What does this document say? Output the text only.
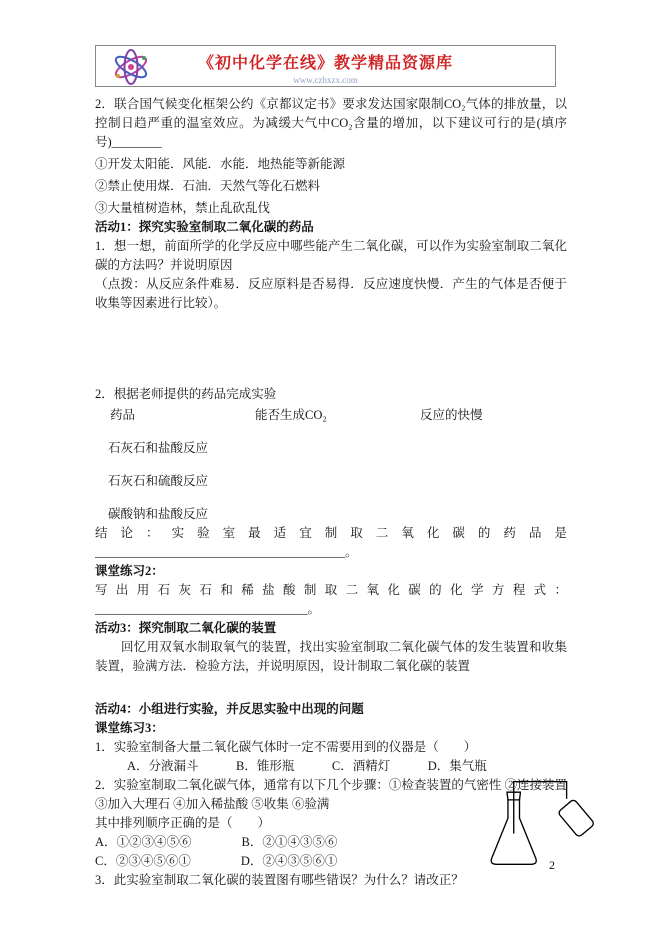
《初中化学在线》教学精品资源库
www.czhxzx.com

2．联合国气候变化框架公约《京都议定书》要求发达国家限制CO₂气体的排放量，以控制日趋严重的温室效应。为减缓大气中CO₂含量的增加，以下建议可行的是(填序号)________

①开发太阳能．风能．水能．地热能等新能源

②禁止使用煤．石油．天然气等化石燃料

③大量植树造林，禁止乱砍乱伐

活动1：探究实验室制取二氧化碳的药品

1．想一想，前面所学的化学反应中哪些能产生二氧化碳，可以作为实验室制取二氧化碳的方法吗？并说明原因

（点拨：从反应条件难易．反应原料是否易得．反应速度快慢．产生的气体是否便于收集等因素进行比较）。

2．根据老师提供的药品完成实验

药品	能否生成CO₂	反应的快慢
石灰石和盐酸反应
石灰石和硫酸反应
碳酸钠和盐酸反应

结论：实验室最适宜制取二氧化碳的药品是________________________________________。

课堂练习2：

写出用石灰石和稀盐酸制取二氧化碳的化学方程式：__________________________________。

活动3：探究制取二氧化碳的装置

回忆用双氧水制取氧气的装置，找出实验室制取二氧化碳气体的发生装置和收集装置，验满方法．检验方法，并说明原因，设计制取二氧化碳的装置

活动4：小组进行实验，并反思实验中出现的问题

课堂练习3：

1．实验室制备大量二氧化碳气体时一定不需要用到的仪器是（　　）

A．分液漏斗　　　B．锥形瓶　　　C．酒精灯　　　D．集气瓶

2．实验室制取二氧化碳气体，通常有以下几个步骤：①检查装置的气密性 ②连接装置 ③加入大理石 ④加入稀盐酸 ⑤收集 ⑥验满

其中排列顺序正确的是（　　）

A．①②③④⑤⑥　　　　B．②①④③⑤⑥

C．②③④⑤⑥①　　　　D．②④③⑤⑥①

3．此实验室制取二氧化碳的装置图有哪些错误？为什么？请改正？

2
